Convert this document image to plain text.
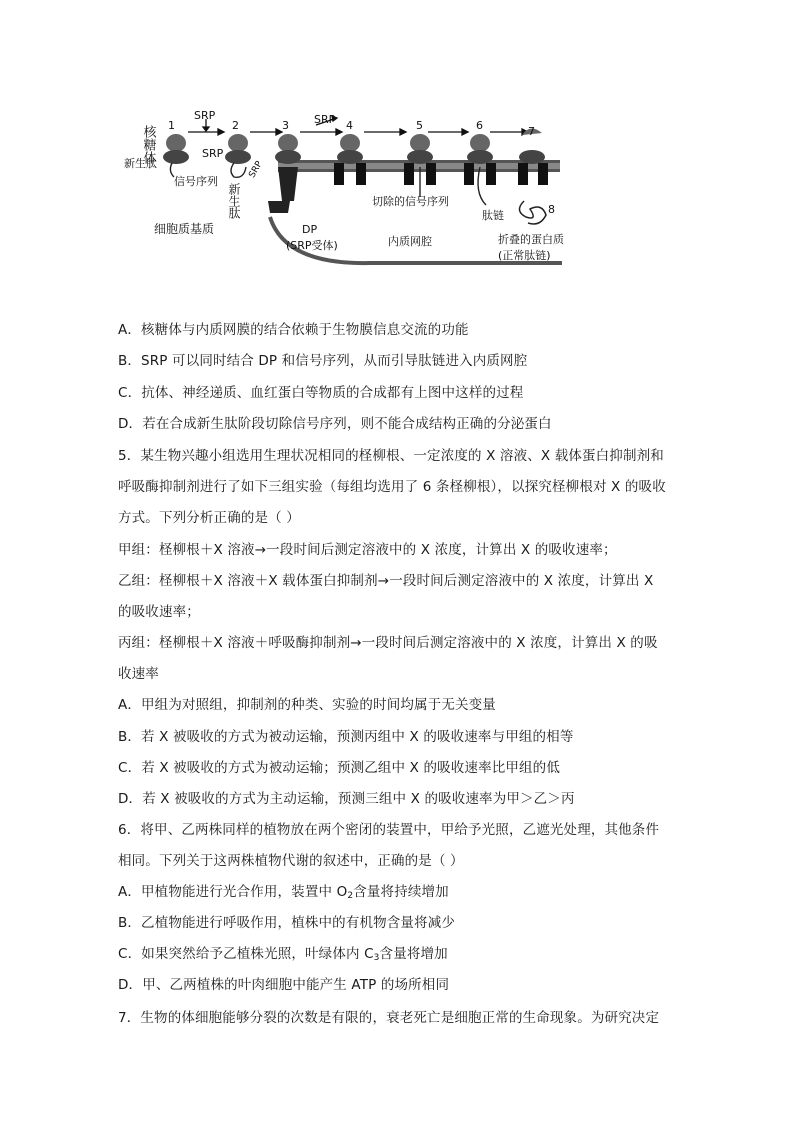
核糖体 1
SRP
2	3 SRP 4	5	6	7
8
新生肽
SRP
信号序列
新生肽
SRP
细胞质基质	DP
(SRP受体)
切除的信号序列
肽链
内质网腔	折叠的蛋白质
(正常肽链)
A．核糖体与内质网膜的结合依赖于生物膜信息交流的功能
B．SRP 可以同时结合 DP 和信号序列，从而引导肽链进入内质网腔
C．抗体、神经递质、血红蛋白等物质的合成都有上图中这样的过程
D．若在合成新生肽阶段切除信号序列，则不能合成结构正确的分泌蛋白
5．某生物兴趣小组选用生理状况相同的柽柳根、一定浓度的 X 溶液、X 载体蛋白抑制剂和
呼吸酶抑制剂进行了如下三组实验（每组均选用了 6 条柽柳根），以探究柽柳根对 X 的吸收
方式。下列分析正确的是（ ）
甲组：柽柳根＋X 溶液→一段时间后测定溶液中的 X 浓度，计算出 X 的吸收速率；
乙组：柽柳根＋X 溶液＋X 载体蛋白抑制剂→一段时间后测定溶液中的 X 浓度，计算出 X
的吸收速率；
丙组：柽柳根＋X 溶液＋呼吸酶抑制剂→一段时间后测定溶液中的 X 浓度，计算出 X 的吸
收速率
A．甲组为对照组，抑制剂的种类、实验的时间均属于无关变量
B．若 X 被吸收的方式为被动运输，预测丙组中 X 的吸收速率与甲组的相等
C．若 X 被吸收的方式为被动运输；预测乙组中 X 的吸收速率比甲组的低
D．若 X 被吸收的方式为主动运输，预测三组中 X 的吸收速率为甲＞乙＞丙
6．将甲、乙两株同样的植物放在两个密闭的装置中，甲给予光照，乙遮光处理，其他条件
相同。下列关于这两株植物代谢的叙述中，正确的是（ ）
A．甲植物能进行光合作用，装置中 $O_2$含量将持续增加
B．乙植物能进行呼吸作用，植株中的有机物含量将减少
C．如果突然给予乙植株光照，叶绿体内 $C_3$含量将增加
D．甲、乙两植株的叶肉细胞中能产生 ATP 的场所相同
7．生物的体细胞能够分裂的次数是有限的，衰老死亡是细胞正常的生命现象。为研究决定
